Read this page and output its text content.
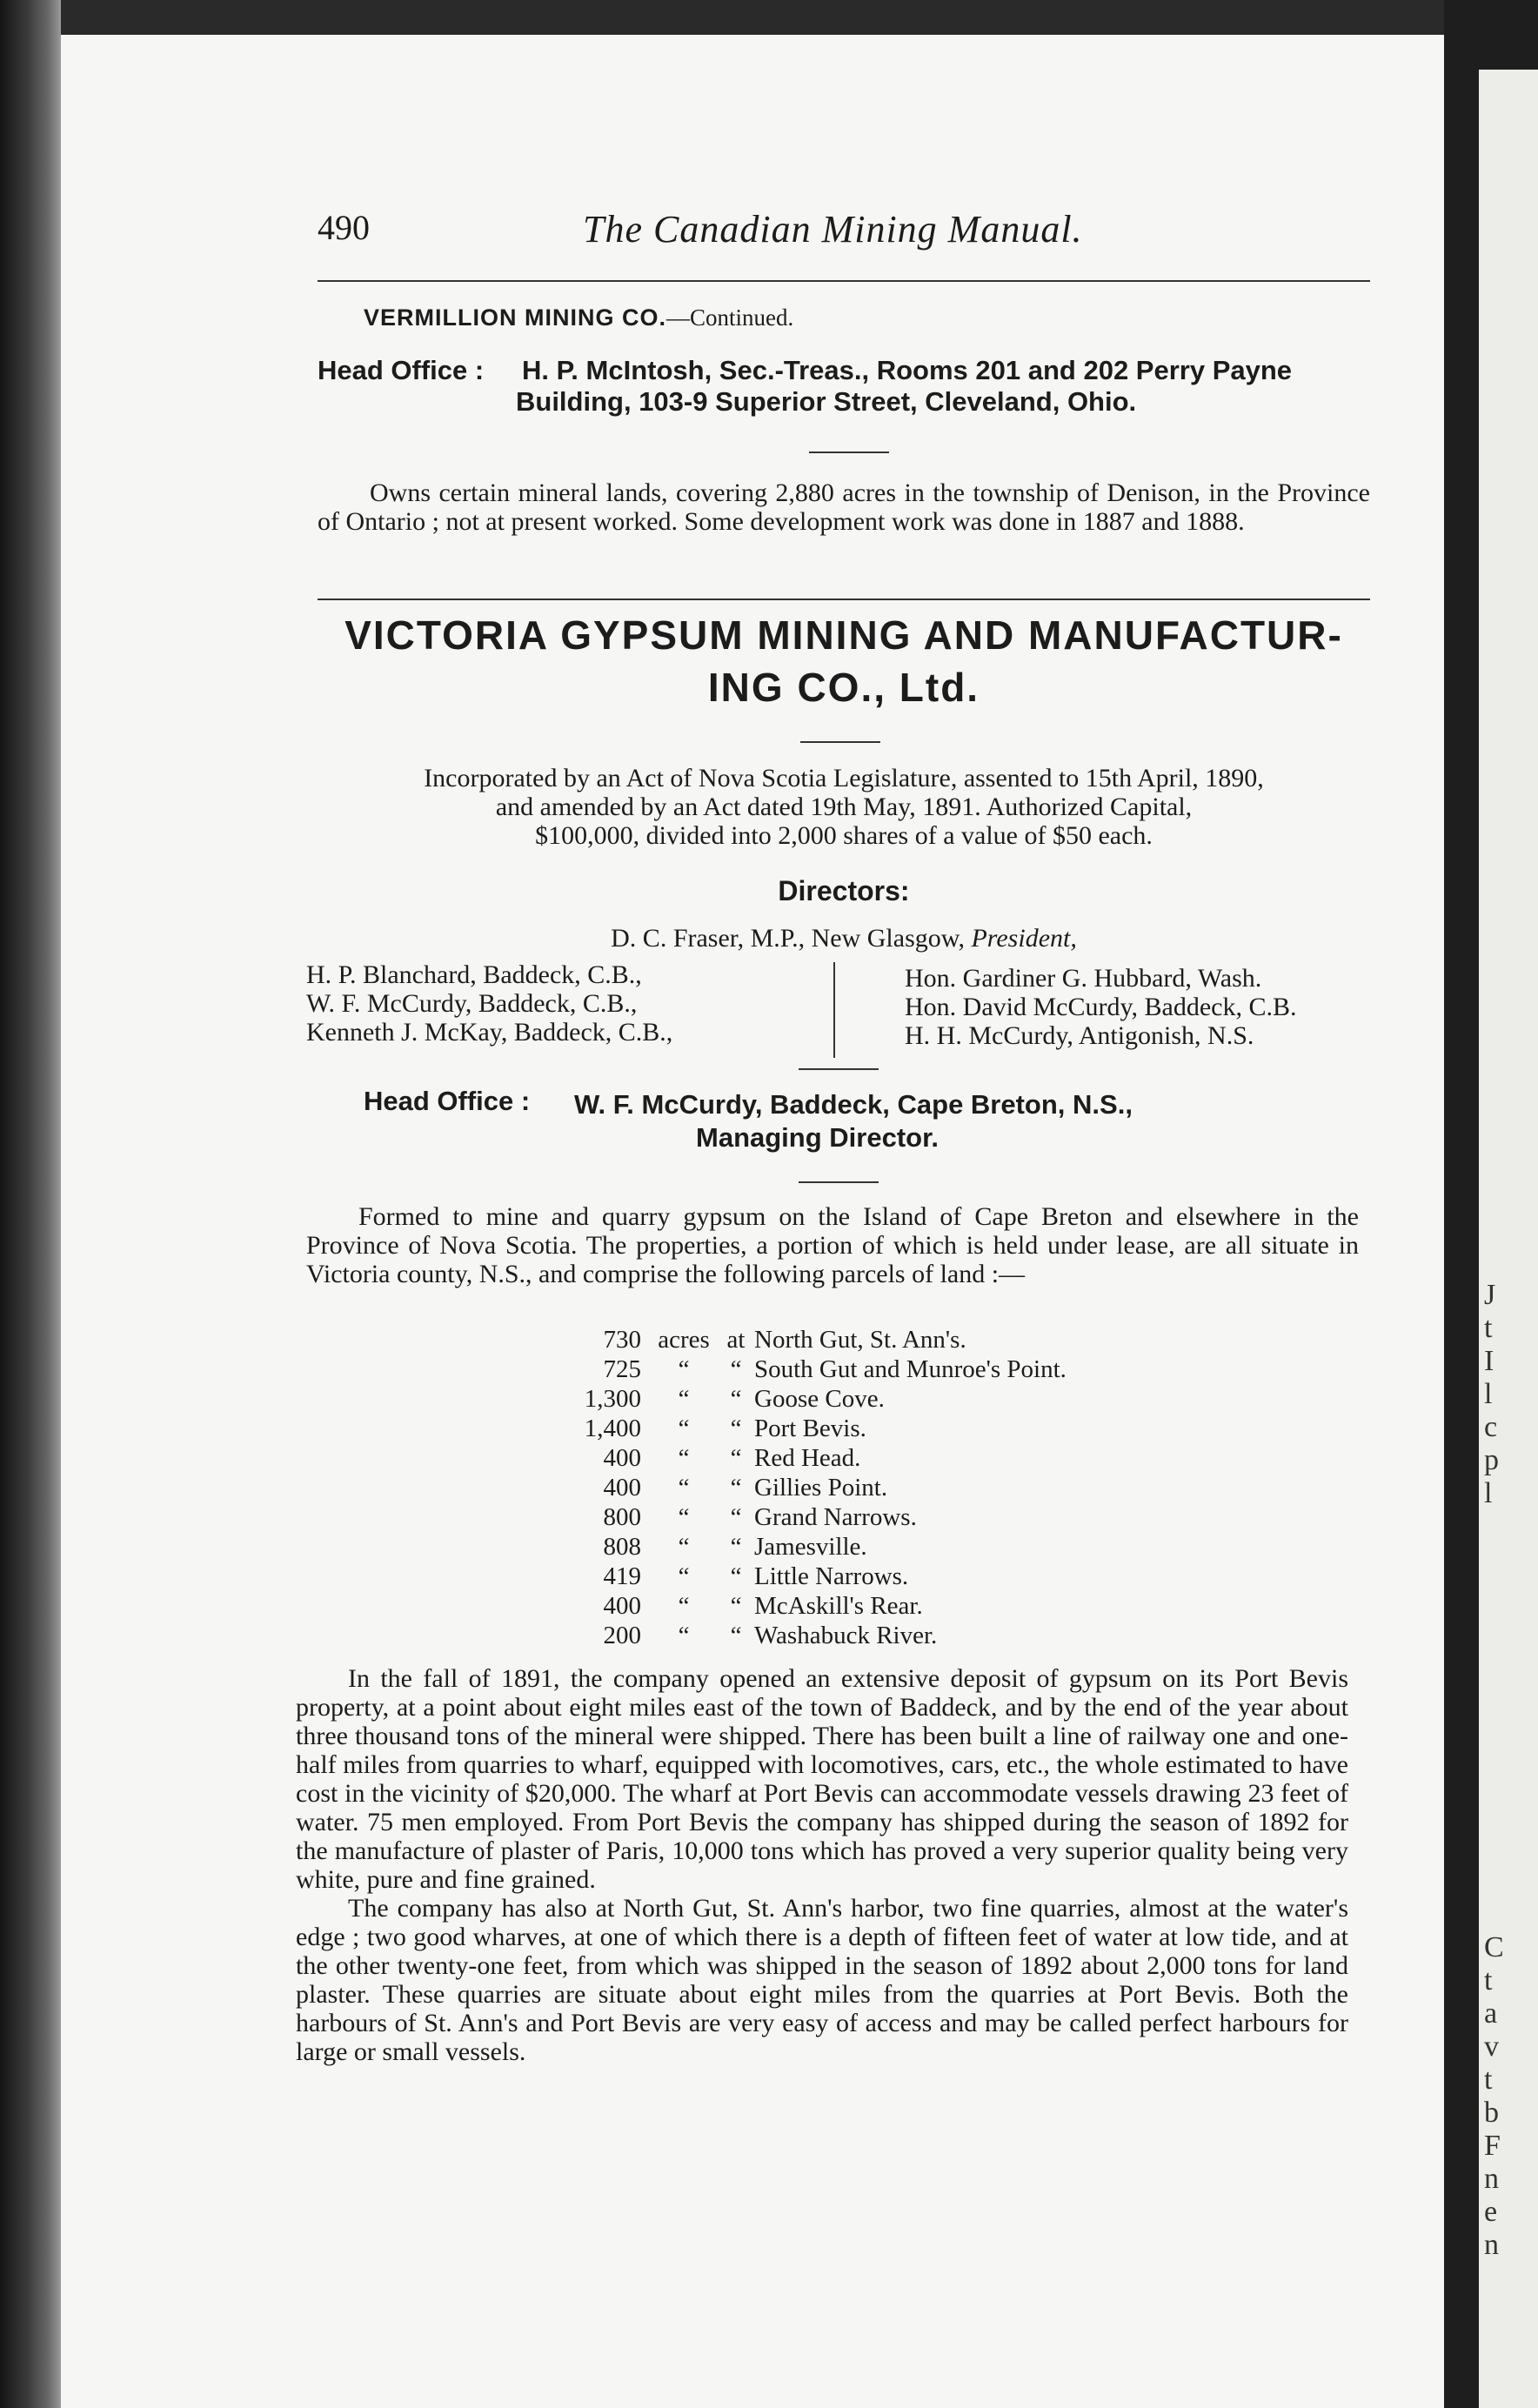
J
t
I
l
c
p
l
C
t
a
v
t
b
F
n
e
n
490	The Canadian Mining Manual.
VERMILLION MINING CO.—Continued.
Head Office : H. P. McIntosh, Sec.-Treas., Rooms 201 and 202 Perry Payne
Building, 103-9 Superior Street, Cleveland, Ohio.

Owns certain mineral lands, covering 2,880 acres in the township of Denison, in the Province of Ontario ; not at present worked. Some development work was done in 1887 and 1888.

VICTORIA GYPSUM MINING AND MANUFACTUR-
ING CO., Ltd.
Incorporated by an Act of Nova Scotia Legislature, assented to 15th April, 1890,
and amended by an Act dated 19th May, 1891. Authorized Capital,
$100,000, divided into 2,000 shares of a value of $50 each.
Directors:
D. C. Fraser, M.P., New Glasgow, President,
H. P. Blanchard, Baddeck, C.B.,
W. F. McCurdy, Baddeck, C.B.,
Kenneth J. McKay, Baddeck, C.B.,
Hon. Gardiner G. Hubbard, Wash.
Hon. David McCurdy, Baddeck, C.B.
H. H. McCurdy, Antigonish, N.S.
Head Office : W. F. McCurdy, Baddeck, Cape Breton, N.S.,
Managing Director.

Formed to mine and quarry gypsum on the Island of Cape Breton and elsewhere in the Province of Nova Scotia. The properties, a portion of which is held under lease, are all situate in Victoria county, N.S., and comprise the following parcels of land :—

730	acres	at	North Gut, St. Ann's.
725	“	“	South Gut and Munroe's Point.
1,300	“	“	Goose Cove.
1,400	“	“	Port Bevis.
400	“	“	Red Head.
400	“	“	Gillies Point.
800	“	“	Grand Narrows.
808	“	“	Jamesville.
419	“	“	Little Narrows.
400	“	“	McAskill's Rear.
200	“	“	Washabuck River.

In the fall of 1891, the company opened an extensive deposit of gypsum on its Port Bevis property, at a point about eight miles east of the town of Baddeck, and by the end of the year about three thousand tons of the mineral were shipped. There has been built a line of railway one and one-half miles from quarries to wharf, equipped with locomotives, cars, etc., the whole estimated to have cost in the vicinity of $20,000. The wharf at Port Bevis can accommodate vessels drawing 23 feet of water. 75 men employed. From Port Bevis the company has shipped during the season of 1892 for the manufacture of plaster of Paris, 10,000 tons which has proved a very superior quality being very white, pure and fine grained.

The company has also at North Gut, St. Ann's harbor, two fine quarries, almost at the water's edge ; two good wharves, at one of which there is a depth of fifteen feet of water at low tide, and at the other twenty-one feet, from which was shipped in the season of 1892 about 2,000 tons for land plaster. These quarries are situate about eight miles from the quarries at Port Bevis. Both the harbours of St. Ann's and Port Bevis are very easy of access and may be called perfect harbours for large or small vessels.
